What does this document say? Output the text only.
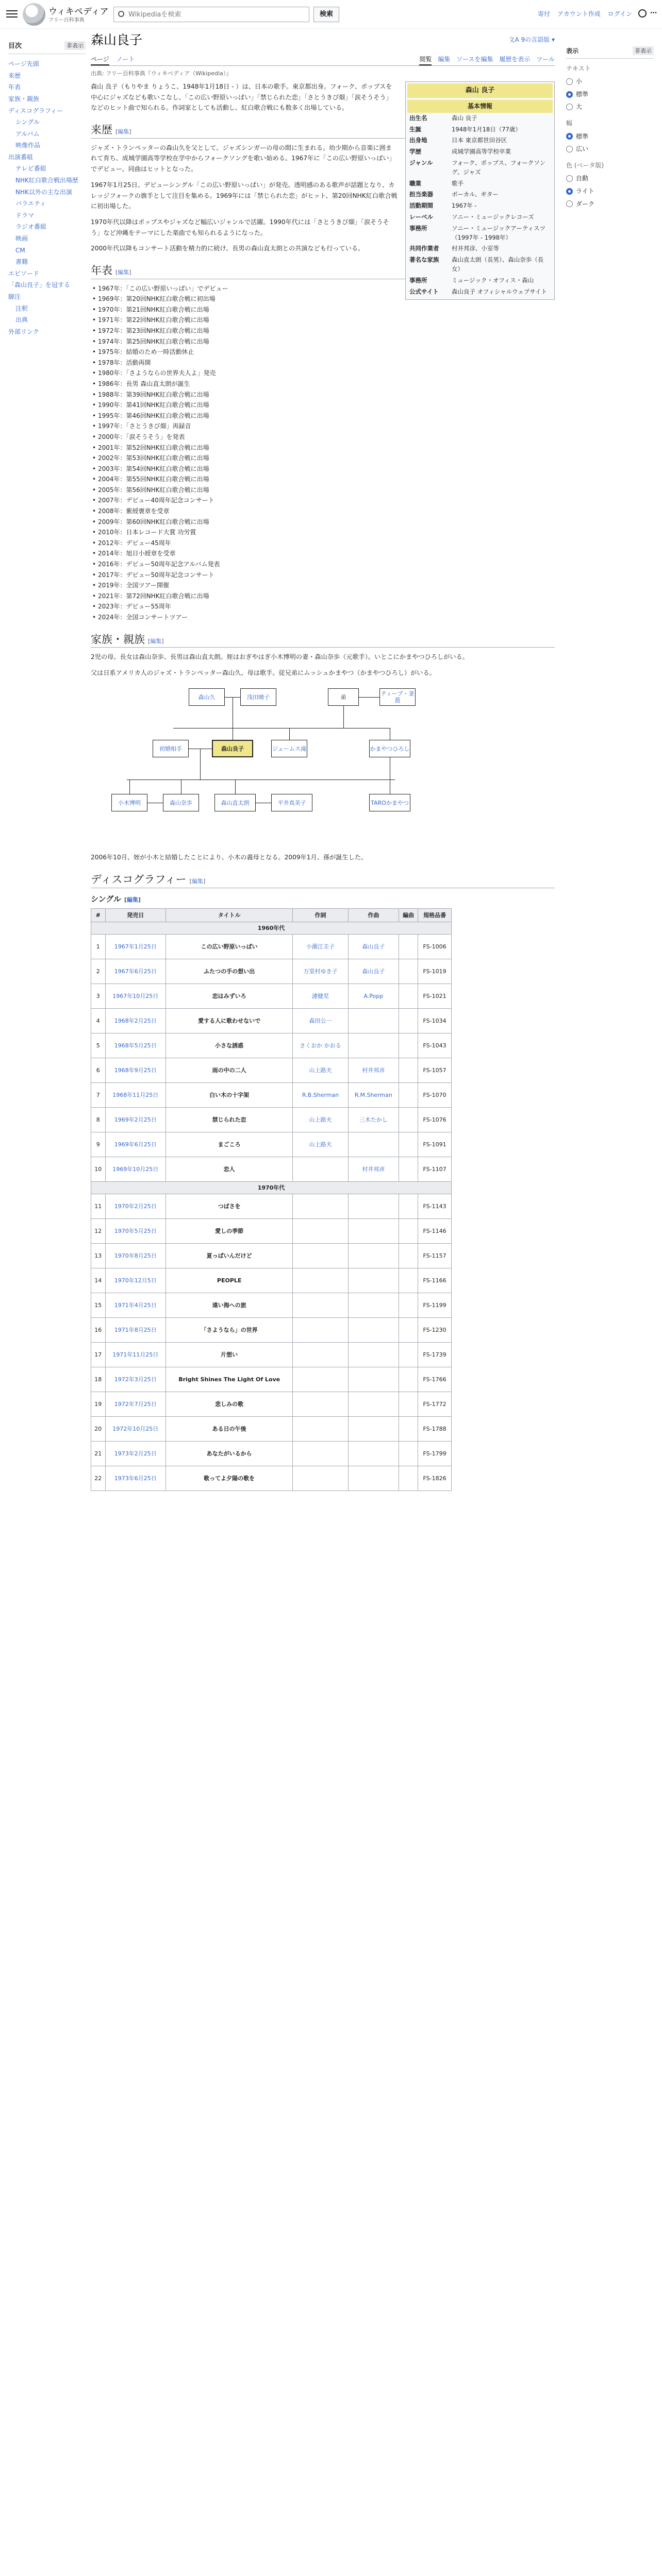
ウィキペディア
フリー百科事典
Wikipediaを検索	検索	寄付 アカウント作成 ログイン	⋯
森山良子	文A 9の言語版 ▾
ページ ノート	閲覧 編集 ソースを編集 履歴を表示 ツール
出典: フリー百科事典『ウィキペディア（Wikipedia）』
目次	非表示
ページ先頭
来歴
年表
家族・親族
ディスコグラフィー
シングル
アルバム
映像作品
出演番組
テレビ番組
NHK紅白歌合戦出場歴
NHK以外の主な出演
バラエティ
ドラマ
ラジオ番組
映画
CM
書籍
エピソード
「森山良子」を冠する
脚注
注釈
出典
外部リンク
表示	非表示
テキスト
小
標準
大
幅
標準
広い
色 (ベータ版)
自動
ライト
ダーク
森山 良子
基本情報
出生名	森山 良子
生誕	1948年1月18日（77歳）
出身地	日本 東京都世田谷区
学歴	成城学園高等学校卒業
ジャンル	フォーク、ポップス、フォークソング、ジャズ
職業	歌手
担当楽器	ボーカル、ギター
活動期間	1967年 -
レーベル	ソニー・ミュージックレコーズ
事務所	ソニー・ミュージックアーティスツ（1997年 - 1998年）
共同作業者	村井邦彦、小室等
著名な家族	森山直太朗（長男）、森山奈歩（長女）
事務所	ミュージック・オフィス・森山
公式サイト	森山良子 オフィシャルウェブサイト

森山 良子（もりやま りょうこ、1948年1月18日 - ）は、日本の歌手。東京都出身。フォーク、ポップスを中心にジャズなども歌いこなし、「この広い野原いっぱい」「禁じられた恋」「さとうきび畑」「涙そうそう」などのヒット曲で知られる。作詞家としても活動し、紅白歌合戦にも数多く出場している。

来歴 [編集]

ジャズ・トランペッターの森山久を父として、ジャズシンガーの母の間に生まれる。幼少期から音楽に囲まれて育ち、成城学園高等学校在学中からフォークソングを歌い始める。1967年に「この広い野原いっぱい」でデビュー、同曲はヒットとなった。

1967年1月25日、デビューシングル「この広い野原いっぱい」が発売。透明感のある歌声が話題となり、カレッジフォークの旗手として注目を集める。1969年には「禁じられた恋」がヒット、第20回NHK紅白歌合戦に初出場した。

1970年代以降はポップスやジャズなど幅広いジャンルで活躍。1990年代には「さとうきび畑」「涙そうそう」など沖縄をテーマにした楽曲でも知られるようになった。

2000年代以降もコンサート活動を精力的に続け、長男の森山直太朗との共演なども行っている。

年表 [編集]
• 1967年：「この広い野原いっぱい」でデビュー
• 1969年：第20回NHK紅白歌合戦に初出場
• 1970年：第21回NHK紅白歌合戦に出場
• 1971年：第22回NHK紅白歌合戦に出場
• 1972年：第23回NHK紅白歌合戦に出場
• 1974年：第25回NHK紅白歌合戦に出場
• 1975年：結婚のため一時活動休止
• 1978年：活動再開
• 1980年：「さようならの世界夫人よ」発売
• 1986年：長男 森山直太朗が誕生
• 1988年：第39回NHK紅白歌合戦に出場
• 1990年：第41回NHK紅白歌合戦に出場
• 1995年：第46回NHK紅白歌合戦に出場
• 1997年：「さとうきび畑」再録音
• 2000年：「涙そうそう」を発表
• 2001年：第52回NHK紅白歌合戦に出場
• 2002年：第53回NHK紅白歌合戦に出場
• 2003年：第54回NHK紅白歌合戦に出場
• 2004年：第55回NHK紅白歌合戦に出場
• 2005年：第56回NHK紅白歌合戦に出場
• 2007年：デビュー40周年記念コンサート
• 2008年：紫綬褒章を受章
• 2009年：第60回NHK紅白歌合戦に出場
• 2010年：日本レコード大賞 功労賞
• 2012年：デビュー45周年
• 2014年：旭日小綬章を受章
• 2016年：デビュー50周年記念アルバム発表
• 2017年：デビュー50周年記念コンサート
• 2019年：全国ツアー開催
• 2021年：第72回NHK紅白歌合戦に出場
• 2023年：デビュー55周年
• 2024年：全国コンサートツアー
家族・親族 [編集]

2児の母。長女は森山奈歩、長男は森山直太朗。姪はおぎやはぎ小木博明の妻・森山奈歩（元歌手）。いとこにかまやつひろしがいる。

父は日系アメリカ人のジャズ・トランペッター森山久、母は歌手。従兄弟にムッシュかまやつ（かまやつひろし）がいる。

森山久	浅田晴子	弟
ティーブ・釜萢
初婚相手	森山良子	ジェームス滝	かまやつひろし
小木博明	森山奈歩	森山直太朗	平井真美子	TAROかまやつ

2006年10月、姪が小木と結婚したことにより、小木の義母となる。2009年1月、孫が誕生した。

ディスコグラフィー [編集]
シングル [編集]
#	発売日	タイトル	作詞	作曲	編曲	規格品番
1960年代						
1	1967年1月25日	この広い野原いっぱい	小薗江圭子	森山良子		FS-1006
2	1967年6月25日	ふたつの手の想い出	万里村ゆき子	森山良子		FS-1019
3	1967年10月25日	恋はみずいろ	漣健児	A.Popp		FS-1021
4	1968年2月25日	愛する人に歌わせないで	森田公一			FS-1034
5	1968年5月25日	小さな誘惑	さくおか かおる			FS-1043
6	1968年9月25日	雨の中の二人	山上路夫	村井邦彦		FS-1057
7	1968年11月25日	白い木の十字架	R.B.Sherman	R.M.Sherman		FS-1070
8	1969年2月25日	禁じられた恋	山上路夫	三木たかし		FS-1076
9	1969年6月25日	まごころ	山上路夫			FS-1091
10	1969年10月25日	恋人		村井邦彦		FS-1107
1970年代						
11	1970年2月25日	つばさを				FS-1143
12	1970年5月25日	愛しの季節				FS-1146
13	1970年8月25日	夏っぱいんだけど				FS-1157
14	1970年12月5日	PEOPLE				FS-1166
15	1971年4月25日	遠い海への旅				FS-1199
16	1971年8月25日	「さようなら」の世界				FS-1230
17	1971年11月25日	片想い				FS-1739
18	1972年3月25日	Bright Shines The Light Of Love				FS-1766
19	1972年7月25日	悲しみの歌				FS-1772
20	1972年10月25日	ある日の午後				FS-1788
21	1973年2月25日	あなたがいるから				FS-1799
22	1973年6月25日	歌ってよ夕陽の歌を				FS-1826
